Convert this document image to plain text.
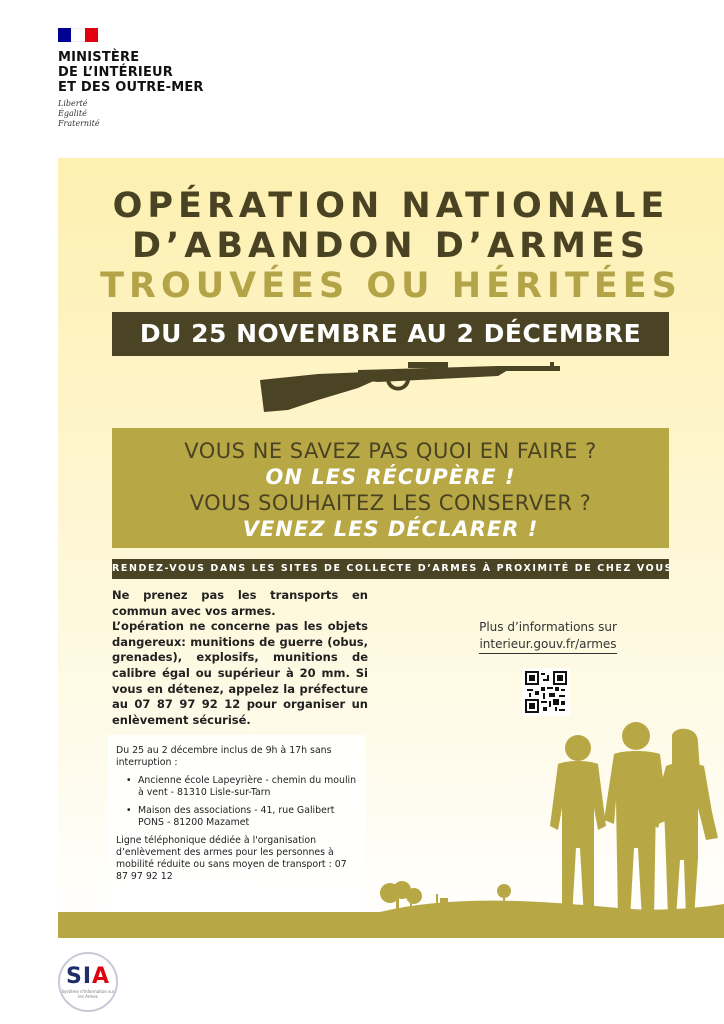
MINISTÈRE
DE L’INTÉRIEUR
ET DES OUTRE-MER
Liberté
Égalité
Fraternité
OPÉRATION NATIONALE
D’ABANDON D’ARMES
TROUVÉES OU HÉRITÉES
DU 25 NOVEMBRE AU 2 DÉCEMBRE
VOUS NE SAVEZ PAS QUOI EN FAIRE ?
ON LES RÉCUPÈRE !
VOUS SOUHAITEZ LES CONSERVER ?
VENEZ LES DÉCLARER !
RENDEZ-VOUS DANS LES SITES DE COLLECTE D’ARMES À PROXIMITÉ DE CHEZ VOUS

Ne prenez pas les transports en commun avec vos armes.

L’opération ne concerne pas les objets dangereux: munitions de guerre (obus, grenades), explosifs, munitions de calibre égal ou supérieur à 20 mm. Si vous en détenez, appelez la préfecture au 07 87 97 92 12 pour organiser un enlèvement sécurisé.

Plus d’informations sur
interieur.gouv.fr/armes
Du 25 au 2 décembre inclus de 9h à 17h sans interruption :
• Ancienne école Lapeyrière - chemin du moulin à vent - 81310 Lisle-sur-Tarn
• Maison des associations - 41, rue Galibert PONS - 81200 Mazamet
Ligne téléphonique dédiée à l'organisation d’enlèvement des armes pour les personnes à mobilité réduite ou sans moyen de transport : 07 87 97 92 12
SIA
Système d'Information sur les Armes
